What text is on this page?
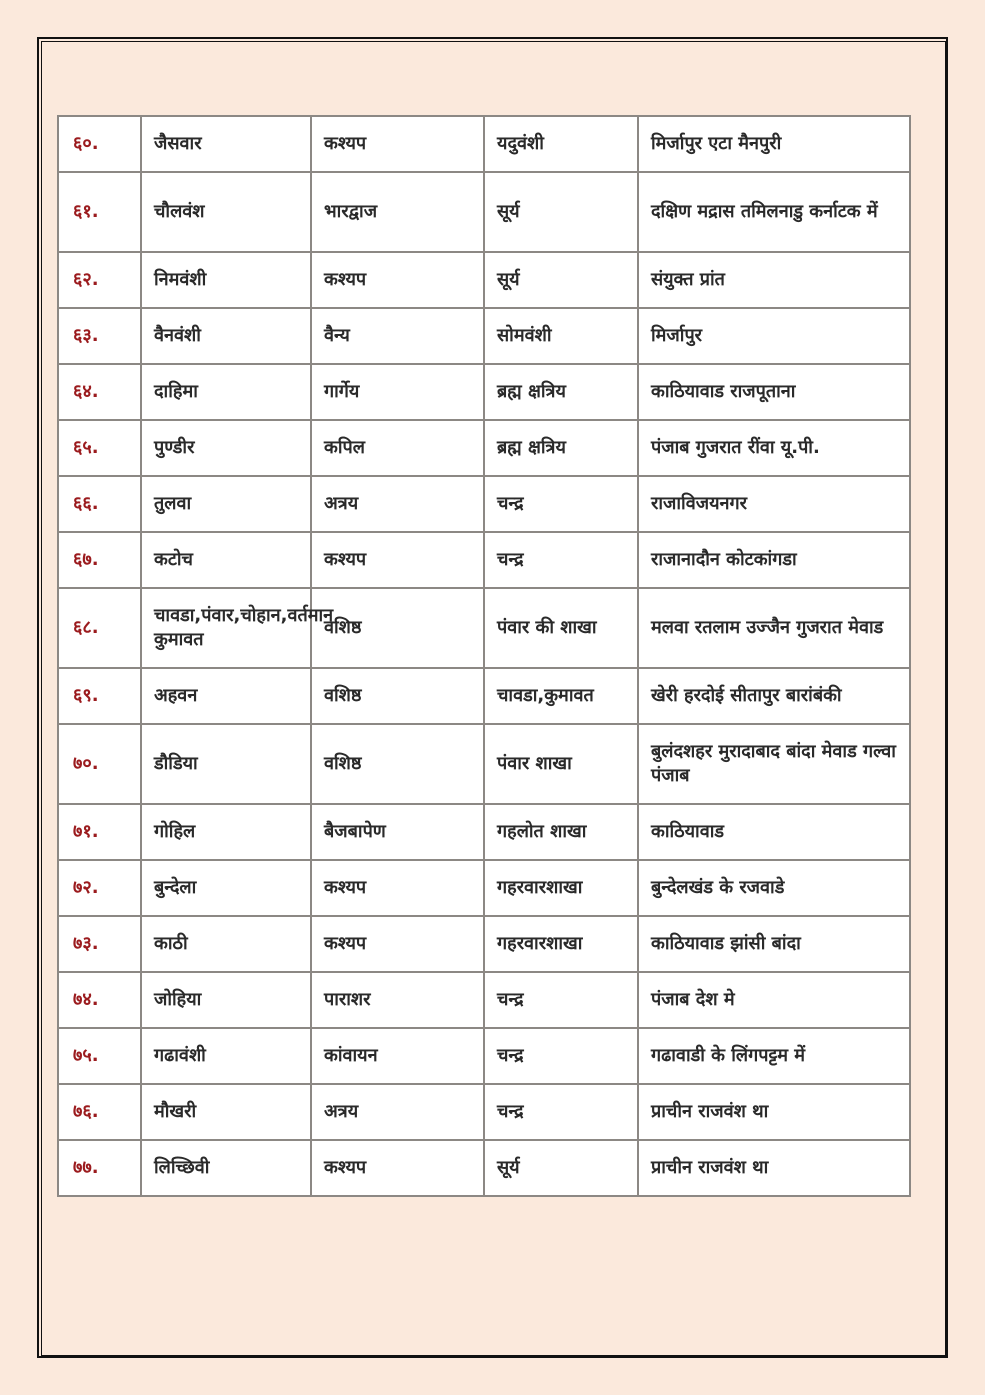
६०.	जैसवार	कश्यप	यदुवंशी	मिर्जापुर एटा मैनपुरी
६१.	चौलवंश	भारद्वाज	सूर्य	दक्षिण मद्रास तमिलनाडु कर्नाटक में
६२.	निमवंशी	कश्यप	सूर्य	संयुक्त प्रांत
६३.	वैनवंशी	वैन्य	सोमवंशी	मिर्जापुर
६४.	दाहिमा	गार्गेय	ब्रह्म क्षत्रिय	काठियावाड राजपूताना
६५.	पुण्डीर	कपिल	ब्रह्म क्षत्रिय	पंजाब गुजरात रींवा यू.पी.
६६.	तुलवा	अत्रय	चन्द्र	राजाविजयनगर
६७.	कटोच	कश्यप	चन्द्र	राजानादौन कोटकांगडा
६८.	चावडा,पंवार,चोहान,वर्तमान कुमावत	वशिष्ठ	पंवार की शाखा	मलवा रतलाम उज्जैन गुजरात मेवाड
६९.	अहवन	वशिष्ठ	चावडा,कुमावत	खेरी हरदोई सीतापुर बारांबंकी
७०.	डौडिया	वशिष्ठ	पंवार शाखा	बुलंदशहर मुरादाबाद बांदा मेवाड गल्वा पंजाब
७१.	गोहिल	बैजबापेण	गहलोत शाखा	काठियावाड
७२.	बुन्देला	कश्यप	गहरवारशाखा	बुन्देलखंड के रजवाडे
७३.	काठी	कश्यप	गहरवारशाखा	काठियावाड झांसी बांदा
७४.	जोहिया	पाराशर	चन्द्र	पंजाब देश मे
७५.	गढावंशी	कांवायन	चन्द्र	गढावाडी के लिंगपट्टम में
७६.	मौखरी	अत्रय	चन्द्र	प्राचीन राजवंश था
७७.	लिच्छिवी	कश्यप	सूर्य	प्राचीन राजवंश था
